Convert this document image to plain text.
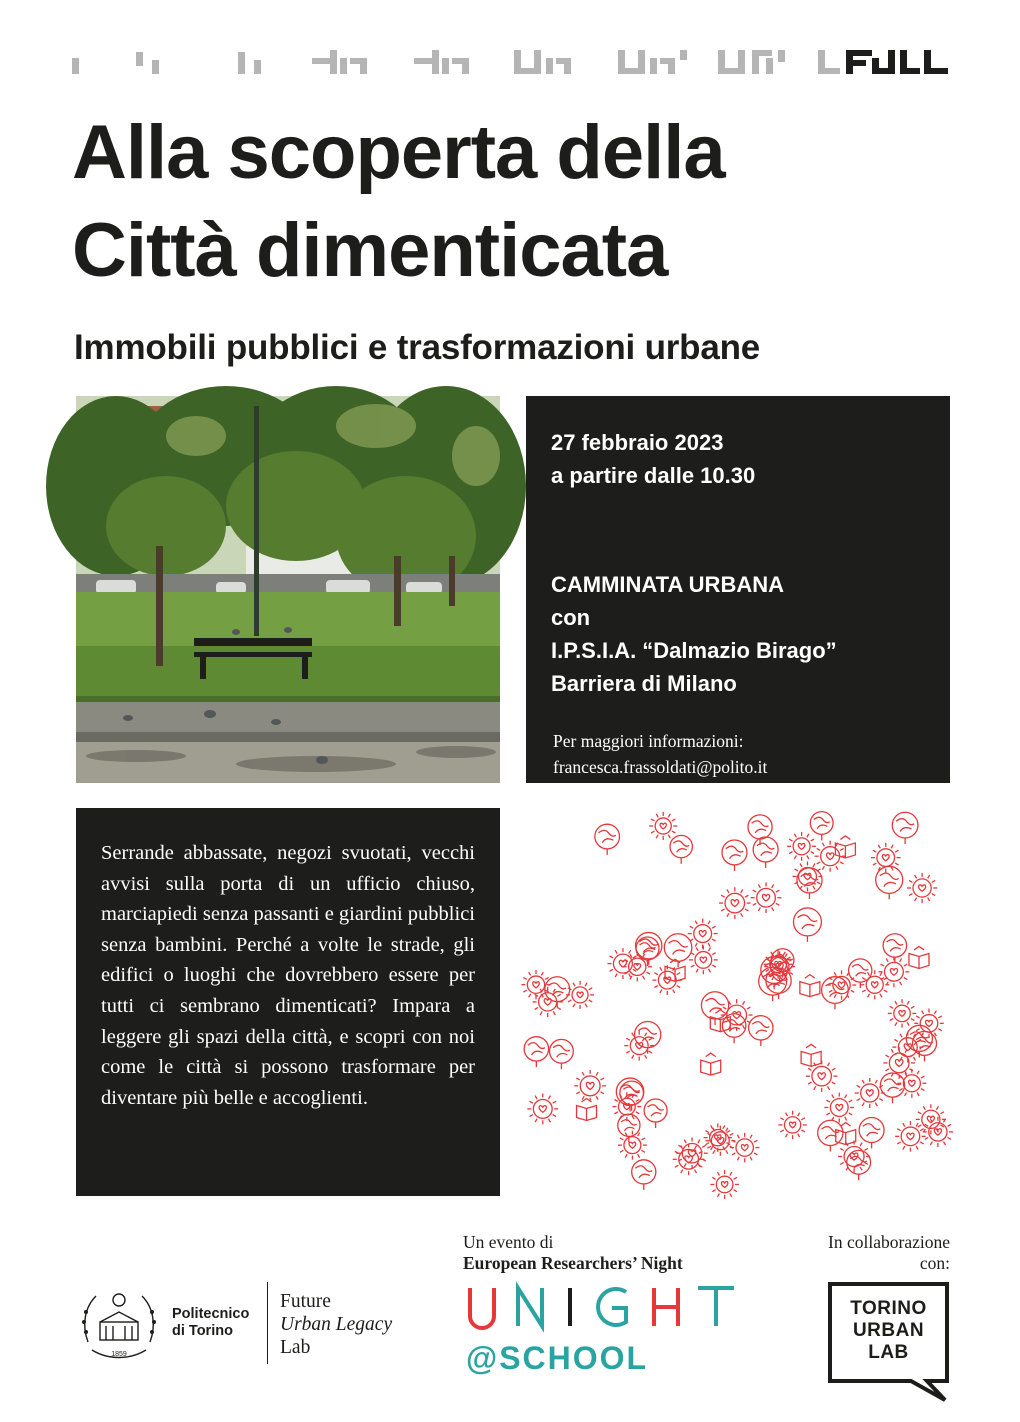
FULL
Alla scoperta della
Città dimenticata
Immobili pubblici e trasformazioni urbane
27 febbraio 2023
a partire dalle 10.30
CAMMINATA URBANA
con
I.P.S.I.A. “Dalmazio Birago”
Barriera di Milano
Per maggiori informazioni:
francesca.frassoldati@polito.it

Serrande abbassate, negozi svuotati, vecchi avvisi sulla porta di un ufficio chiuso, marciapiedi senza passanti e giardini pubblici senza bambini. Perché a volte le strade, gli edifici o luoghi che dovrebbero essere per tutti ci sembrano dimenticati? Impara a leggere gli spazi della città, e scopri con noi come le città si possono trasformare per diventare più belle e accoglienti.

1859
Politecnico
di Torino
Future
Urban Legacy
Lab
Un evento di
European Researchers’ Night
UNIGHT
@SCHOOL
In collaborazione
con:
TORINO
URBAN
LAB
